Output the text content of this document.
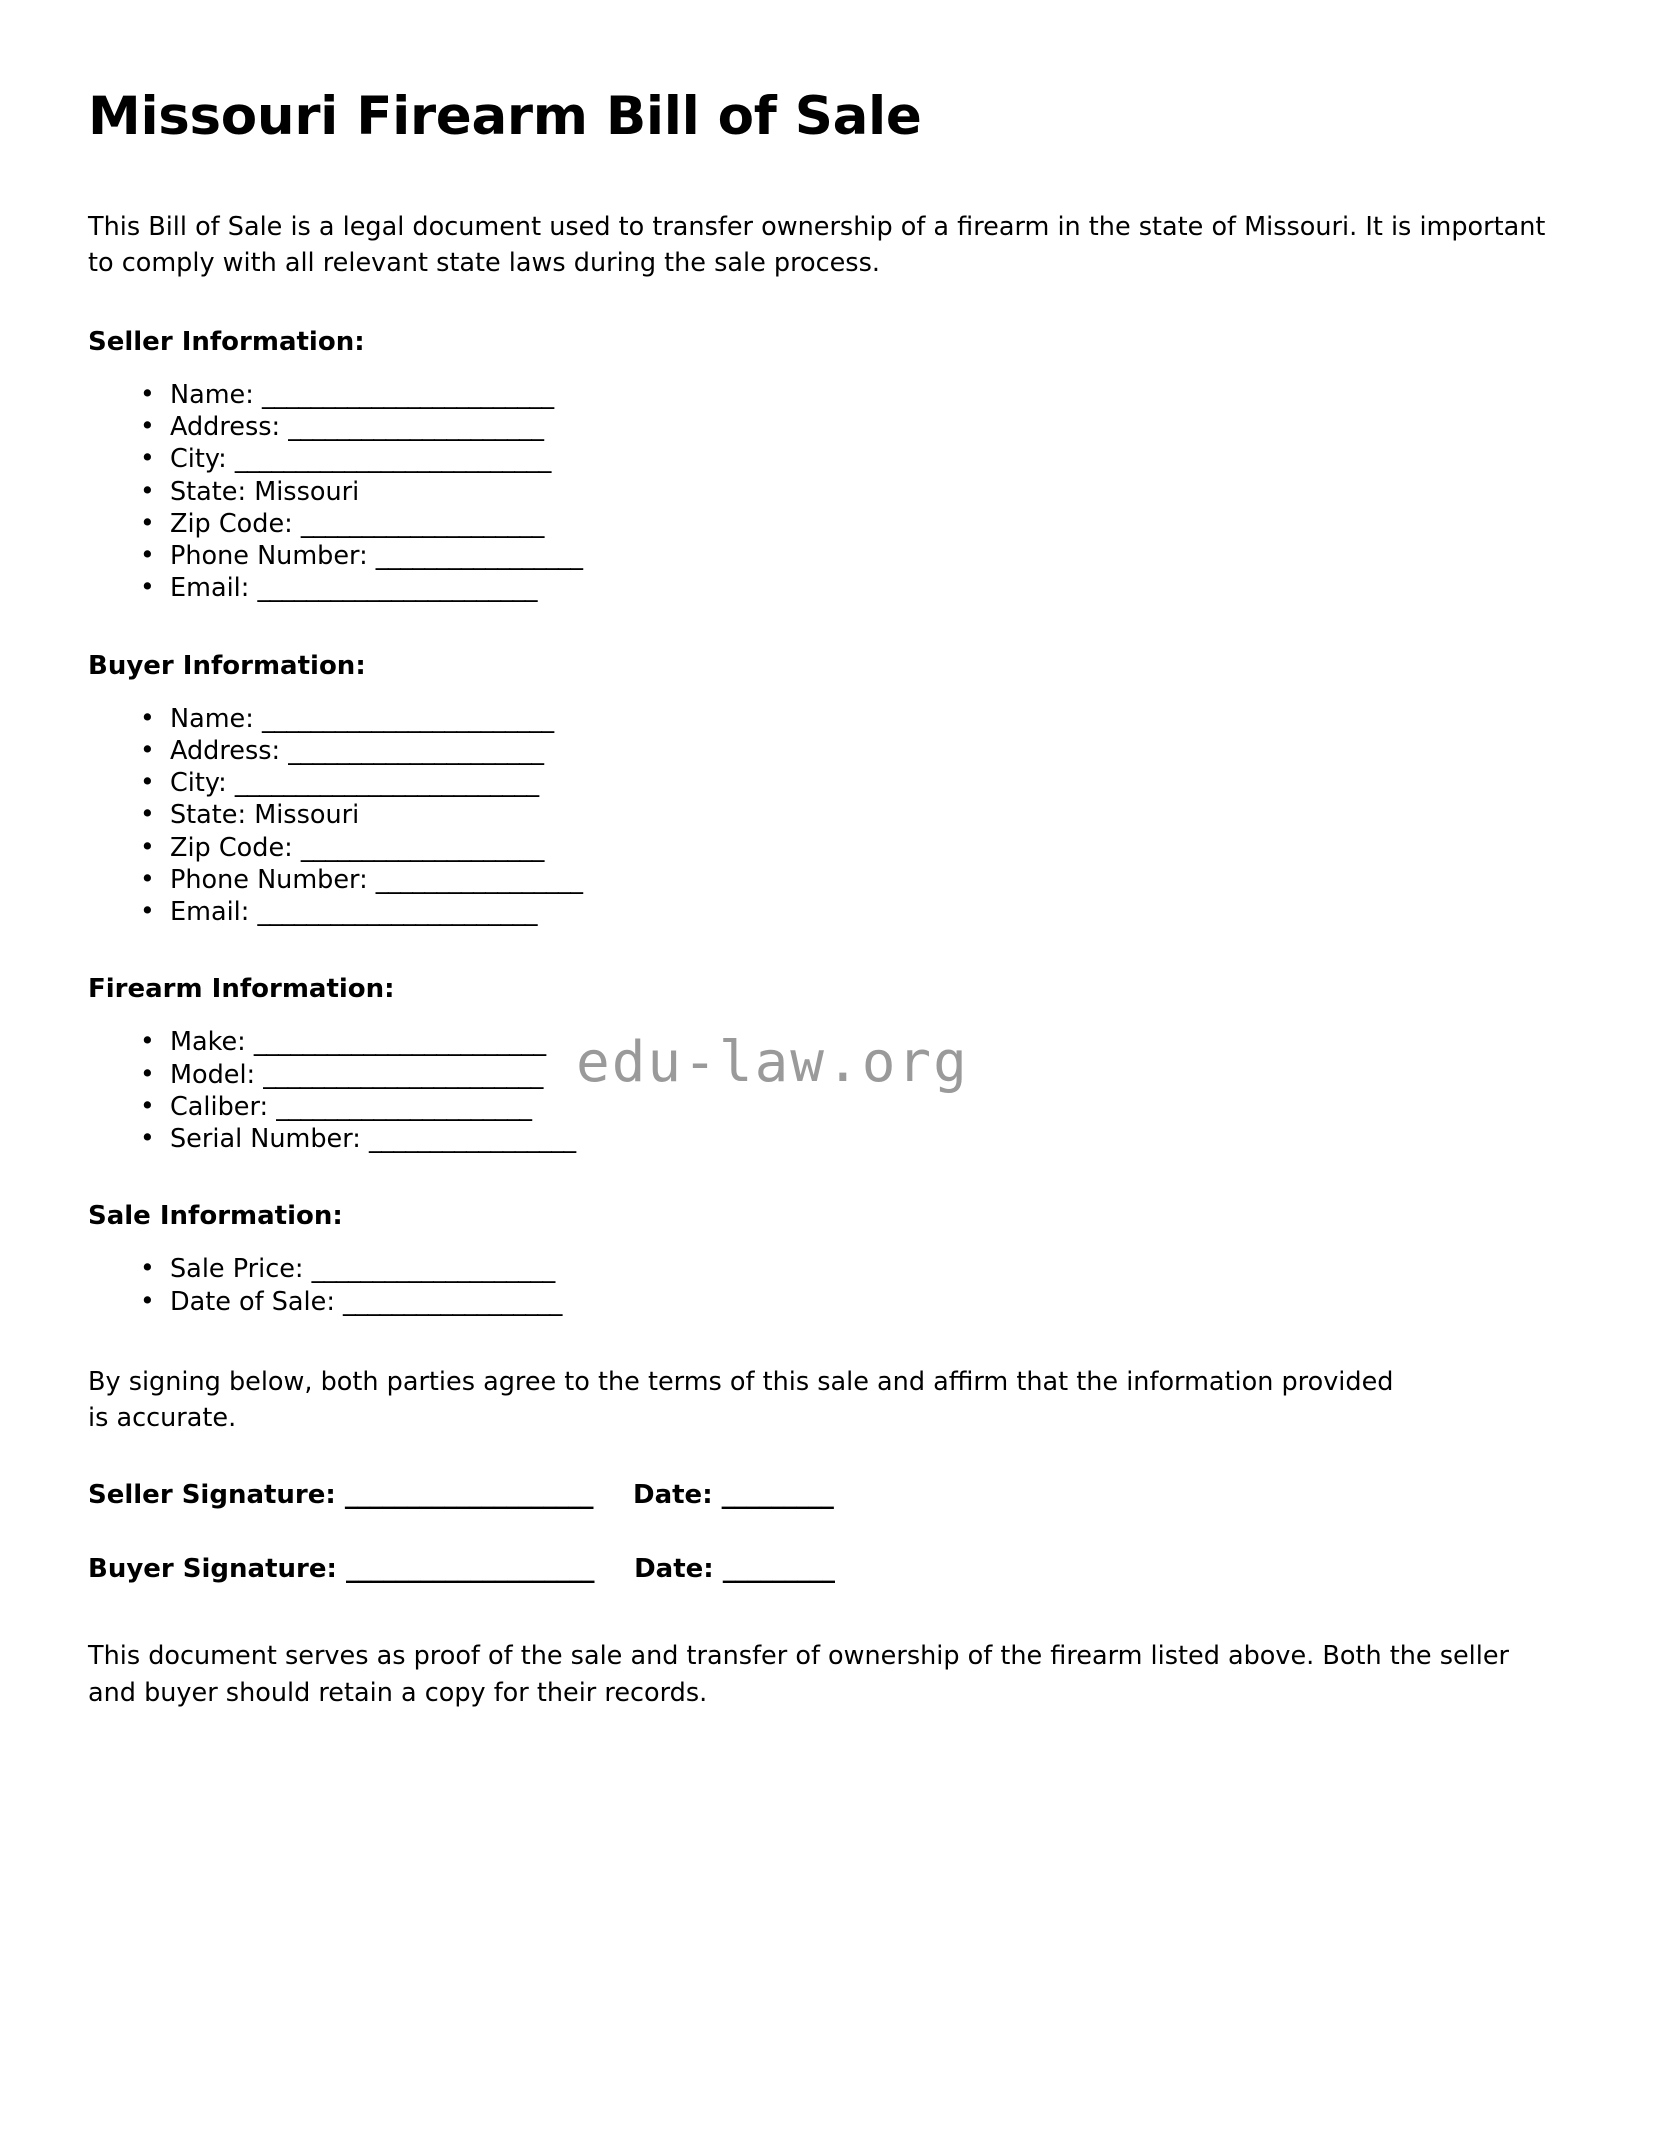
Missouri Firearm Bill of Sale

This Bill of Sale is a legal document used to transfer ownership of a firearm in the state of Missouri. It is important to comply with all relevant state laws during the sale process.

Seller Information:
• Name: ________________________
• Address: _____________________
• City: __________________________
• State: Missouri
• Zip Code: ____________________
• Phone Number: _________________
• Email: _______________________
Buyer Information:
• Name: ________________________
• Address: _____________________
• City: _________________________
• State: Missouri
• Zip Code: ____________________
• Phone Number: _________________
• Email: _______________________
Firearm Information:
• Make: ________________________
• Model: _______________________
• Caliber: _____________________
• Serial Number: _________________
Sale Information:
• Sale Price: ____________________
• Date of Sale: __________________

By signing below, both parties agree to the terms of this sale and affirm that the information provided is accurate.

Seller Signature: ____________________ Date: _________
Buyer Signature: ____________________ Date: _________

This document serves as proof of the sale and transfer of ownership of the firearm listed above. Both the seller and buyer should retain a copy for their records.

edu-law.org
